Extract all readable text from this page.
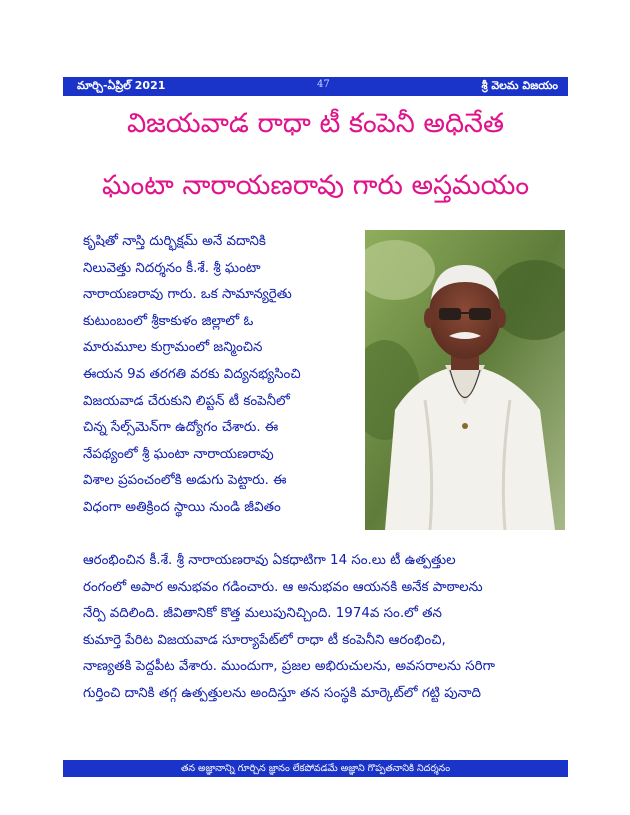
మార్చి-ఏప్రిల్ 2021	47	శ్రీ వెలమ విజయం
విజయవాడ రాధా టీ కంపెనీ అధినేత
ఘంటా నారాయణరావు గారు అస్తమయం
కృషితో నాస్తి దుర్భిక్షమ్ అనే వదానికి
నిలువెత్తు నిదర్శనం కీ.శే. శ్రీ ఘంటా
నారాయణరావు గారు. ఒక సామాన్యరైతు
కుటుంబంలో శ్రీకాకుళం జిల్లాలో ఓ
మారుమూల కుగ్రామంలో జన్మించిన
ఈయన 9వ తరగతి వరకు విద్యనభ్యసించి
విజయవాడ చేరుకుని లిప్టన్ టీ కంపెనీలో
చిన్న సేల్స్‌మెన్‌గా ఉద్యోగం చేశారు. ఈ
నేపథ్యంలో శ్రీ ఘంటా నారాయణరావు
విశాల ప్రపంచంలోకి అడుగు పెట్టారు. ఈ
విధంగా అతిక్రింద స్థాయి నుండి జీవితం
ఆరంభించిన కీ.శే. శ్రీ నారాయణరావు ఏకధాటిగా 14 సం.లు టీ ఉత్పత్తుల
రంగంలో అపార అనుభవం గడించారు. ఆ అనుభవం ఆయనకి అనేక పాఠాలను
నేర్పి వదిలింది. జీవితానికో కొత్త మలుపునిచ్చింది. 1974వ సం.లో తన
కుమార్తె పేరిట విజయవాడ సూర్యాపేట్‌లో రాధా టీ కంపెనీని ఆరంభించి,
నాణ్యతకి పెద్దపీట వేశారు. ముందుగా, ప్రజల అభిరుచులను, అవసరాలను సరిగా
గుర్తించి దానికి తగ్గ ఉత్పత్తులను అందిస్తూ తన సంస్థకి మార్కెట్‌లో గట్టి పునాది
తన అజ్ఞానాన్ని గూర్చిన జ్ఞానం లేకపోవడమే అజ్ఞాని గొప్పతనానికి నిదర్శనం
